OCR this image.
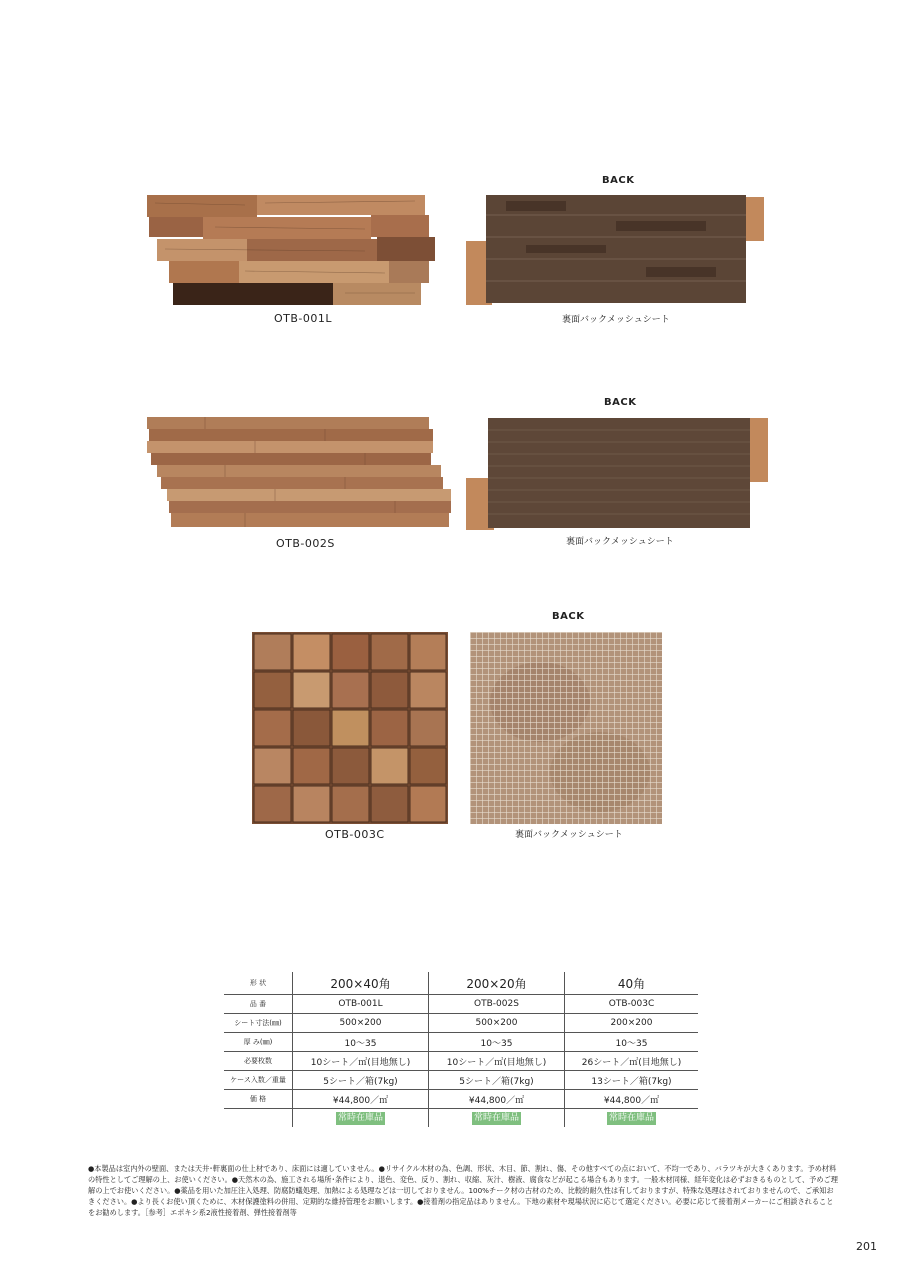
OTB-001L
BACK
裏面バックメッシュシート
OTB-002S
BACK
裏面バックメッシュシート
OTB-003C
BACK
裏面バックメッシュシート
形 状	200×40角	200×20角	40角
品 番	OTB-001L	OTB-002S	OTB-003C
シート寸法(㎜)	500×200	500×200	200×200
厚 み(㎜)	10～35	10～35	10～35
必要枚数	10シート／㎡(目地無し)	10シート／㎡(目地無し)	26シート／㎡(目地無し)
ケース入数／重量	5シート／箱(7kg)	5シート／箱(7kg)	13シート／箱(7kg)
価 格	¥44,800／㎡	¥44,800／㎡	¥44,800／㎡
	常時在庫品	常時在庫品	常時在庫品
●本製品は室内外の壁面、または天井･軒裏面の仕上材であり、床面には適していません。●リサイクル木材の為、色調、形状、木目、節、割れ、傷、その他すべての点において、不均一であり、バラツキが大きくあります。予め材料の特性としてご理解の上、お使いください。●天然木の為、施工される場所･条件により、退色、変色、反り、割れ、収縮、灰汁、樹液、腐食などが起こる場合もあります。一般木材同様、経年変化は必ずおきるものとして、予めご理解の上でお使いください。●薬品を用いた加圧注入処理、防腐防蟻処理、加熱による処理などは一切しておりません。100%チーク材の古材のため、比較的耐久性は有しておりますが、特殊な処理はされておりませんので、ご承知おきください。●より長くお使い頂くために、木材保護塗料の併用、定期的な維持管理をお願いします。●接着剤の指定品はありません。下地の素材や現場状況に応じて選定ください。必要に応じて接着剤メーカーにご相談されることをお勧めします。［参考］エポキシ系2液性接着剤、弾性接着剤等
201
